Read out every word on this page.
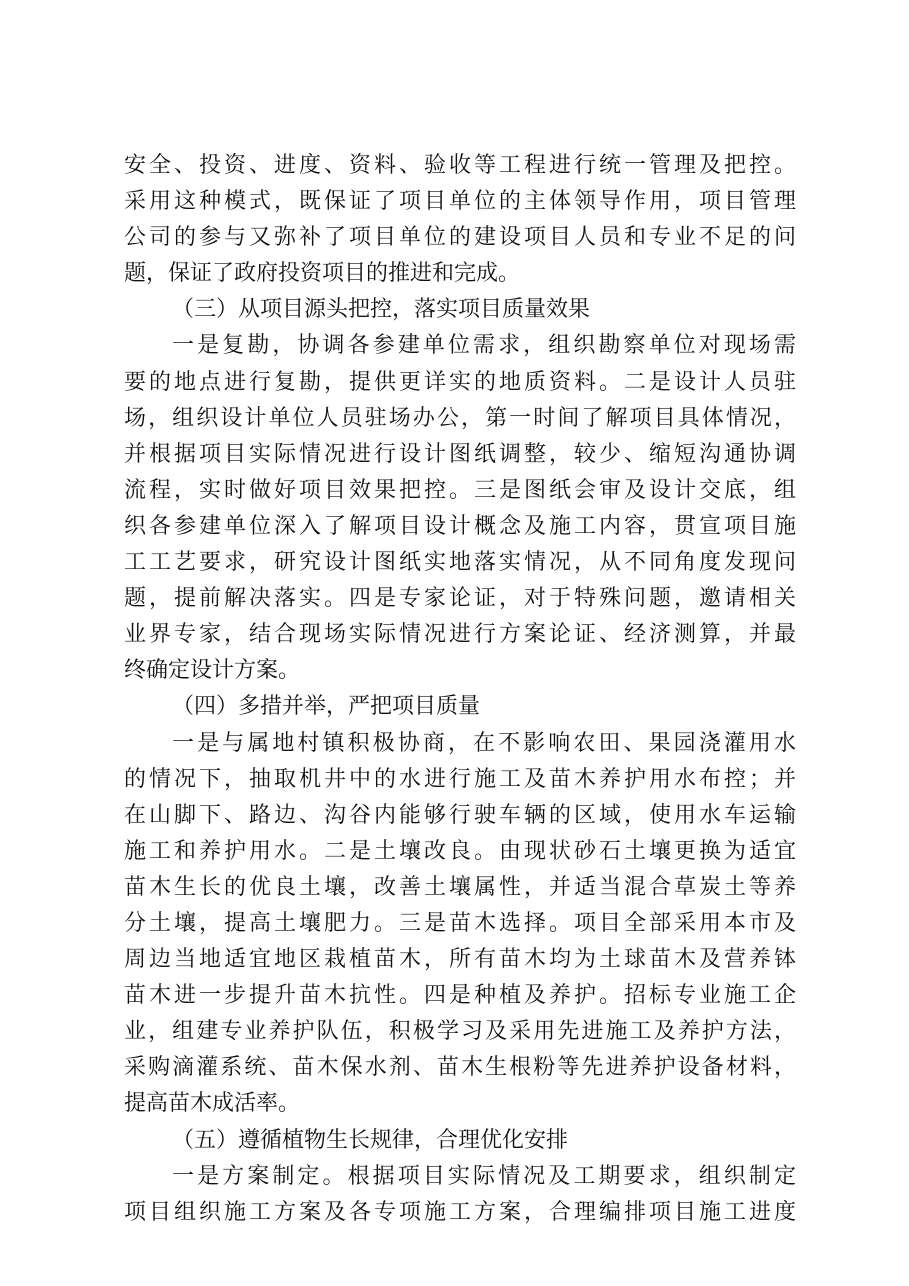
安全、投资、进度、资料、验收等工程进行统一管理及把控。
采用这种模式，既保证了项目单位的主体领导作用，项目管理
公司的参与又弥补了项目单位的建设项目人员和专业不足的问
题，保证了政府投资项目的推进和完成。
（三）从项目源头把控，落实项目质量效果
一是复勘，协调各参建单位需求，组织勘察单位对现场需
要的地点进行复勘，提供更详实的地质资料。二是设计人员驻
场，组织设计单位人员驻场办公，第一时间了解项目具体情况，
并根据项目实际情况进行设计图纸调整，较少、缩短沟通协调
流程，实时做好项目效果把控。三是图纸会审及设计交底，组
织各参建单位深入了解项目设计概念及施工内容，贯宣项目施
工工艺要求，研究设计图纸实地落实情况，从不同角度发现问
题，提前解决落实。四是专家论证，对于特殊问题，邀请相关
业界专家，结合现场实际情况进行方案论证、经济测算，并最
终确定设计方案。
（四）多措并举，严把项目质量
一是与属地村镇积极协商，在不影响农田、果园浇灌用水
的情况下，抽取机井中的水进行施工及苗木养护用水布控；并
在山脚下、路边、沟谷内能够行驶车辆的区域，使用水车运输
施工和养护用水。二是土壤改良。由现状砂石土壤更换为适宜
苗木生长的优良土壤，改善土壤属性，并适当混合草炭土等养
分土壤，提高土壤肥力。三是苗木选择。项目全部采用本市及
周边当地适宜地区栽植苗木，所有苗木均为土球苗木及营养钵
苗木进一步提升苗木抗性。四是种植及养护。招标专业施工企
业，组建专业养护队伍，积极学习及采用先进施工及养护方法，
采购滴灌系统、苗木保水剂、苗木生根粉等先进养护设备材料，
提高苗木成活率。
（五）遵循植物生长规律，合理优化安排
一是方案制定。根据项目实际情况及工期要求，组织制定
项目组织施工方案及各专项施工方案，合理编排项目施工进度
